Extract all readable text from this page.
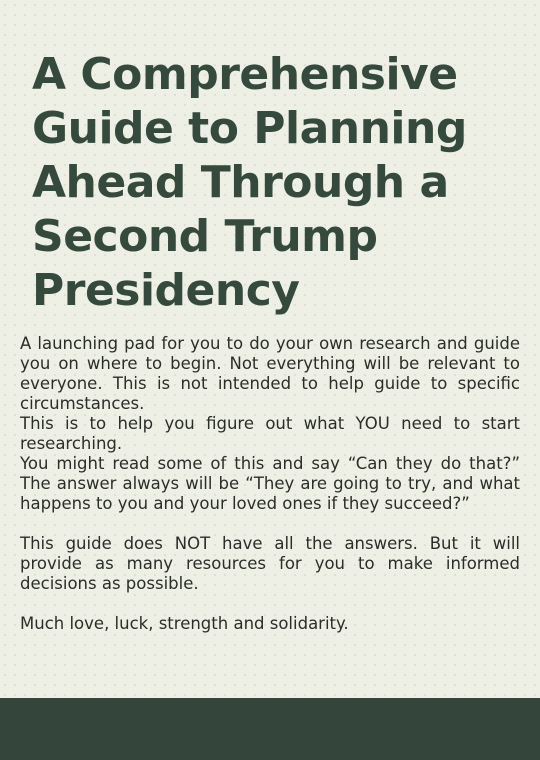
A Comprehensive Guide to Planning Ahead Through a Second Trump Presidency

A launching pad for you to do your own research and guide you on where to begin. Not everything will be relevant to everyone. This is not intended to help guide to specific circumstances.

This is to help you figure out what YOU need to start researching.

You might read some of this and say “Can they do that?” The answer always will be “They are going to try, and what happens to you and your loved ones if they succeed?”

This guide does NOT have all the answers. But it will provide as many resources for you to make informed decisions as possible.

Much love, luck, strength and solidarity.
